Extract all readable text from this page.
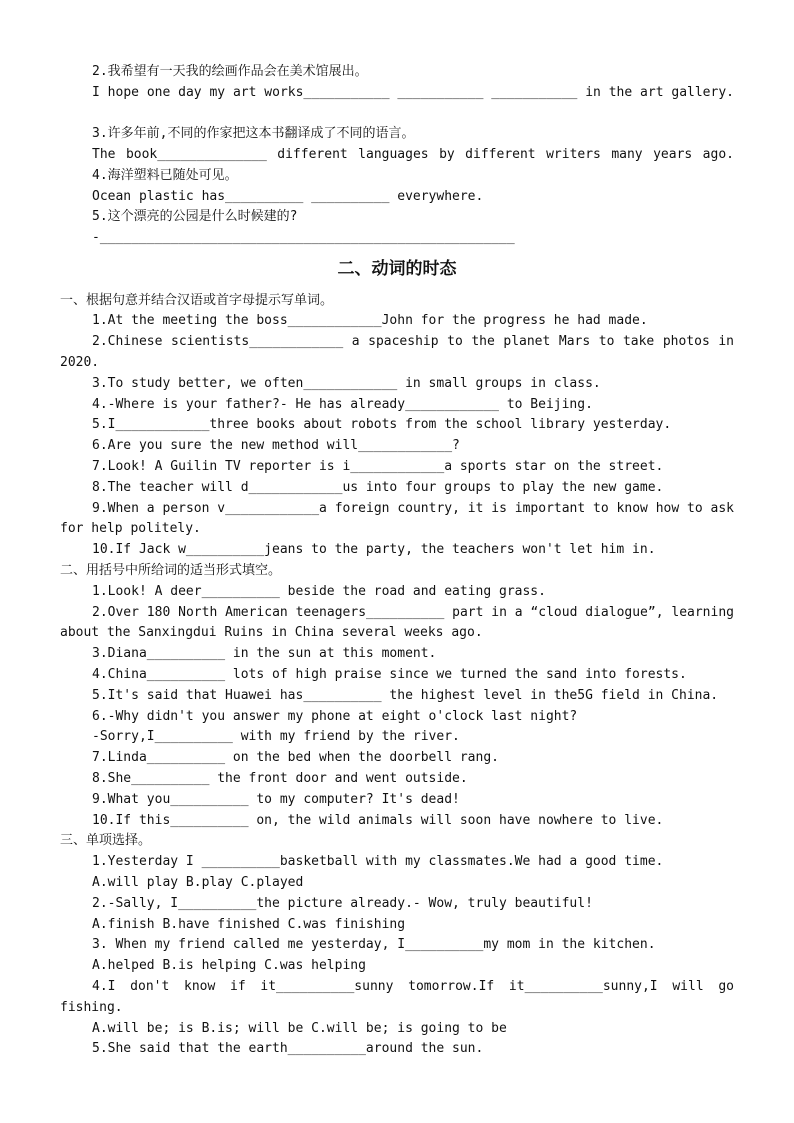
二、动词的时态
2.我希望有一天我的绘画作品会在美术馆展出。
I hope one day my art works___________ ___________ ___________ in the art gallery.
3.许多年前,不同的作家把这本书翻译成了不同的语言。
The book______________ different languages by different writers many years ago.
4.海洋塑料已随处可见。
Ocean plastic has__________ __________ everywhere.
5.这个漂亮的公园是什么时候建的?
-_____________________________________________________
一、根据句意并结合汉语或首字母提示写单词。
1.At the meeting the boss____________John for the progress he had made.
2.Chinese scientists____________ a spaceship to the planet Mars to take photos in
2020.
3.To study better, we often____________ in small groups in class.
4.-Where is your father?- He has already____________ to Beijing.
5.I____________three books about robots from the school library yesterday.
6.Are you sure the new method will____________?
7.Look! A Guilin TV reporter is i____________a sports star on the street.
8.The teacher will d____________us into four groups to play the new game.
9.When a person v____________a foreign country, it is important to know how to ask
for help politely.
10.If Jack w__________jeans to the party, the teachers won't let him in.
二、用括号中所给词的适当形式填空。
1.Look! A deer__________ beside the road and eating grass.
2.Over 180 North American teenagers__________ part in a “cloud dialogue”, learning
about the Sanxingdui Ruins in China several weeks ago.
3.Diana__________ in the sun at this moment.
4.China__________ lots of high praise since we turned the sand into forests.
5.It's said that Huawei has__________ the highest level in the5G field in China.
6.-Why didn't you answer my phone at eight o'clock last night?
-Sorry,I__________ with my friend by the river.
7.Linda__________ on the bed when the doorbell rang.
8.She__________ the front door and went outside.
9.What you__________ to my computer? It's dead!
10.If this__________ on, the wild animals will soon have nowhere to live.
三、单项选择。
1.Yesterday I __________basketball with my classmates.We had a good time.
A.will play B.play C.played
2.-Sally, I__________the picture already.- Wow, truly beautiful!
A.finish B.have finished C.was finishing
3. When my friend called me yesterday, I__________my mom in the kitchen.
A.helped B.is helping C.was helping
4.I don't know if it__________sunny tomorrow.If it__________sunny,I will go
fishing.
A.will be; is B.is; will be C.will be; is going to be
5.She said that the earth__________around the sun.
